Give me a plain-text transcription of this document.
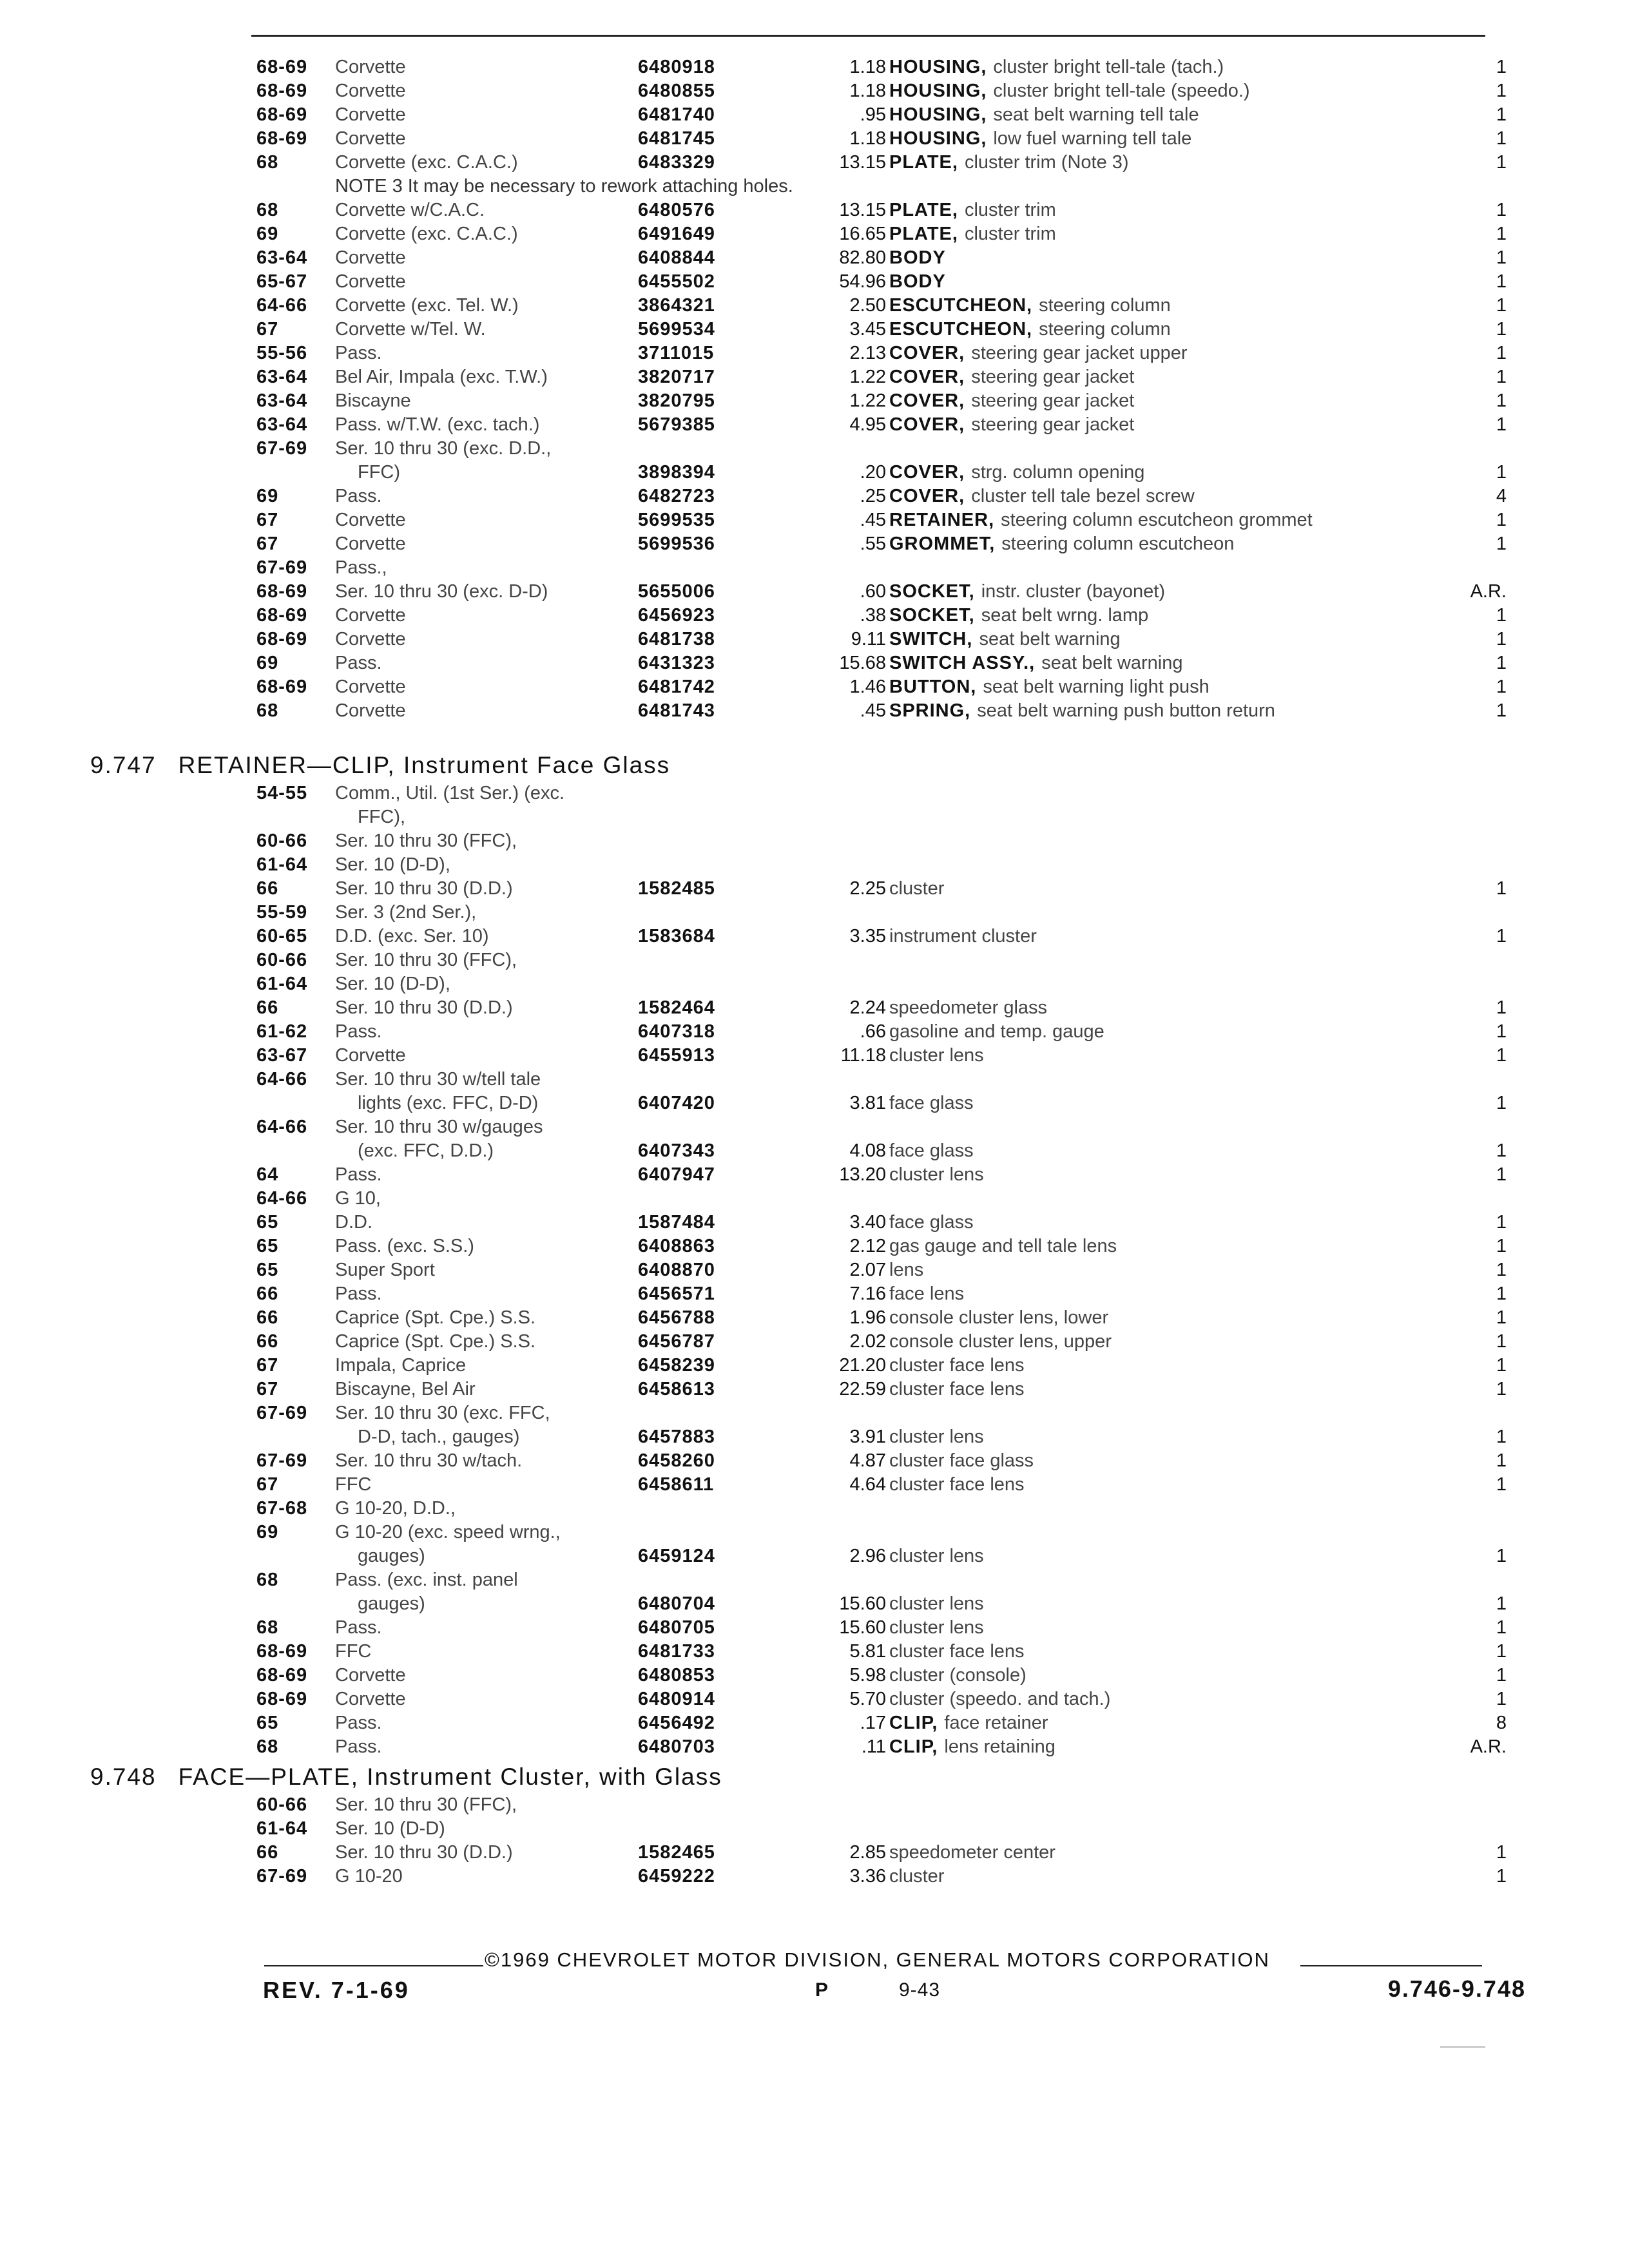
68-69 Corvette	6480918	1.18 HOUSING, cluster bright tell-tale (tach.)	1
68-69 Corvette	6480855	1.18 HOUSING, cluster bright tell-tale (speedo.)	1
68-69 Corvette	6481740	.95 HOUSING, seat belt warning tell tale	1
68-69 Corvette	6481745	1.18 HOUSING, low fuel warning tell tale	1
68	Corvette (exc. C.A.C.)	6483329	13.15 PLATE, cluster trim (Note 3)	1
NOTE 3 It may be necessary to rework attaching holes.
68	Corvette w/C.A.C.	6480576	13.15 PLATE, cluster trim	1
69	Corvette (exc. C.A.C.)	6491649	16.65 PLATE, cluster trim	1
63-64 Corvette	6408844	82.80 BODY	1
65-67 Corvette	6455502	54.96 BODY	1
64-66 Corvette (exc. Tel. W.)	3864321	2.50 ESCUTCHEON, steering column	1
67	Corvette w/Tel. W.	5699534	3.45 ESCUTCHEON, steering column	1
55-56 Pass.	3711015	2.13 COVER, steering gear jacket upper	1
63-64 Bel Air, Impala (exc. T.W.)	3820717	1.22 COVER, steering gear jacket	1
63-64 Biscayne	3820795	1.22 COVER, steering gear jacket	1
63-64 Pass. w/T.W. (exc. tach.)	5679385	4.95 COVER, steering gear jacket	1
67-69 Ser. 10 thru 30 (exc. D.D.,
FFC)	3898394	.20 COVER, strg. column opening	1
69	Pass.	6482723	.25 COVER, cluster tell tale bezel screw	4
67	Corvette	5699535	.45 RETAINER, steering column escutcheon grommet	1
67	Corvette	5699536	.55 GROMMET, steering column escutcheon	1
67-69 Pass.,
68-69 Ser. 10 thru 30 (exc. D-D)	5655006	.60 SOCKET, instr. cluster (bayonet)	A.R.
68-69 Corvette	6456923	.38 SOCKET, seat belt wrng. lamp	1
68-69 Corvette	6481738	9.11 SWITCH, seat belt warning	1
69	Pass.	6431323	15.68 SWITCH ASSY., seat belt warning	1
68-69 Corvette	6481742	1.46 BUTTON, seat belt warning light push	1
68	Corvette	6481743	.45 SPRING, seat belt warning push button return	1
9.747 RETAINER—CLIP, Instrument Face Glass
54-55 Comm., Util. (1st Ser.) (exc.
FFC),
60-66 Ser. 10 thru 30 (FFC),
61-64 Ser. 10 (D-D),
66	Ser. 10 thru 30 (D.D.)	1582485	2.25 cluster	1
55-59 Ser. 3 (2nd Ser.),
60-65 D.D. (exc. Ser. 10)	1583684	3.35 instrument cluster	1
60-66 Ser. 10 thru 30 (FFC),
61-64 Ser. 10 (D-D),
66	Ser. 10 thru 30 (D.D.)	1582464	2.24 speedometer glass	1
61-62 Pass.	6407318	.66 gasoline and temp. gauge	1
63-67 Corvette	6455913	11.18 cluster lens	1
64-66 Ser. 10 thru 30 w/tell tale
lights (exc. FFC, D-D)	6407420	3.81 face glass	1
64-66 Ser. 10 thru 30 w/gauges
(exc. FFC, D.D.)	6407343	4.08 face glass	1
64	Pass.	6407947	13.20 cluster lens	1
64-66 G 10,
65	D.D.	1587484	3.40 face glass	1
65	Pass. (exc. S.S.)	6408863	2.12 gas gauge and tell tale lens	1
65	Super Sport	6408870	2.07 lens	1
66	Pass.	6456571	7.16 face lens	1
66	Caprice (Spt. Cpe.) S.S.	6456788	1.96 console cluster lens, lower	1
66	Caprice (Spt. Cpe.) S.S.	6456787	2.02 console cluster lens, upper	1
67	Impala, Caprice	6458239	21.20 cluster face lens	1
67	Biscayne, Bel Air	6458613	22.59 cluster face lens	1
67-69 Ser. 10 thru 30 (exc. FFC,
D-D, tach., gauges)	6457883	3.91 cluster lens	1
67-69 Ser. 10 thru 30 w/tach.	6458260	4.87 cluster face glass	1
67	FFC	6458611	4.64 cluster face lens	1
67-68 G 10-20, D.D.,
69	G 10-20 (exc. speed wrng.,
gauges)	6459124	2.96 cluster lens	1
68	Pass. (exc. inst. panel
gauges)	6480704	15.60 cluster lens	1
68	Pass.	6480705	15.60 cluster lens	1
68-69 FFC	6481733	5.81 cluster face lens	1
68-69 Corvette	6480853	5.98 cluster (console)	1
68-69 Corvette	6480914	5.70 cluster (speedo. and tach.)	1
65	Pass.	6456492	.17 CLIP, face retainer	8
68	Pass.	6480703	.11 CLIP, lens retaining	A.R.
9.748 FACE—PLATE, Instrument Cluster, with Glass
60-66 Ser. 10 thru 30 (FFC),
61-64 Ser. 10 (D-D)
66	Ser. 10 thru 30 (D.D.)	1582465	2.85 speedometer center	1
67-69 G 10-20	6459222	3.36 cluster	1
©1969 CHEVROLET MOTOR DIVISION, GENERAL MOTORS CORPORATION
REV. 7-1-69	P	9-43	9.746-9.748
